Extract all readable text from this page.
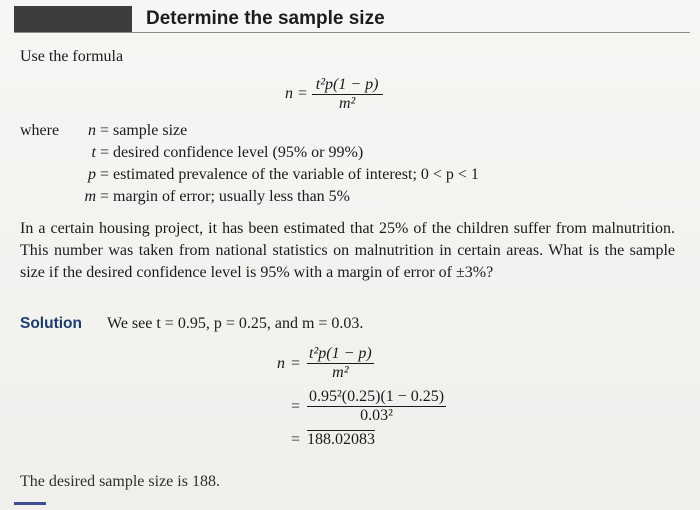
Determine the sample size
Use the formula
$n = \frac{\text{t²p(1 − p)}}{\text{m²}}$
where	n = sample size
t = desired confidence level (95% or 99%)
p = estimated prevalence of the variable of interest; 0 < p < 1
m = margin of error; usually less than 5%
In a certain housing project, it has been estimated that 25% of the children suffer from malnutrition. This number was taken from national statistics on malnutrition in certain areas. What is the sample size if the desired confidence level is 95% with a margin of error of ±3%?
Solution We see t = 0.95, p = 0.25, and m = 0.03.
$n = \frac{\text{t²p(1 − p)}}{\text{m²}}$
= $\frac{\text{0.95²(0.25)(1 − 0.25)}}{\text{0.03²}}$
= 188.02083
The desired sample size is 188.
